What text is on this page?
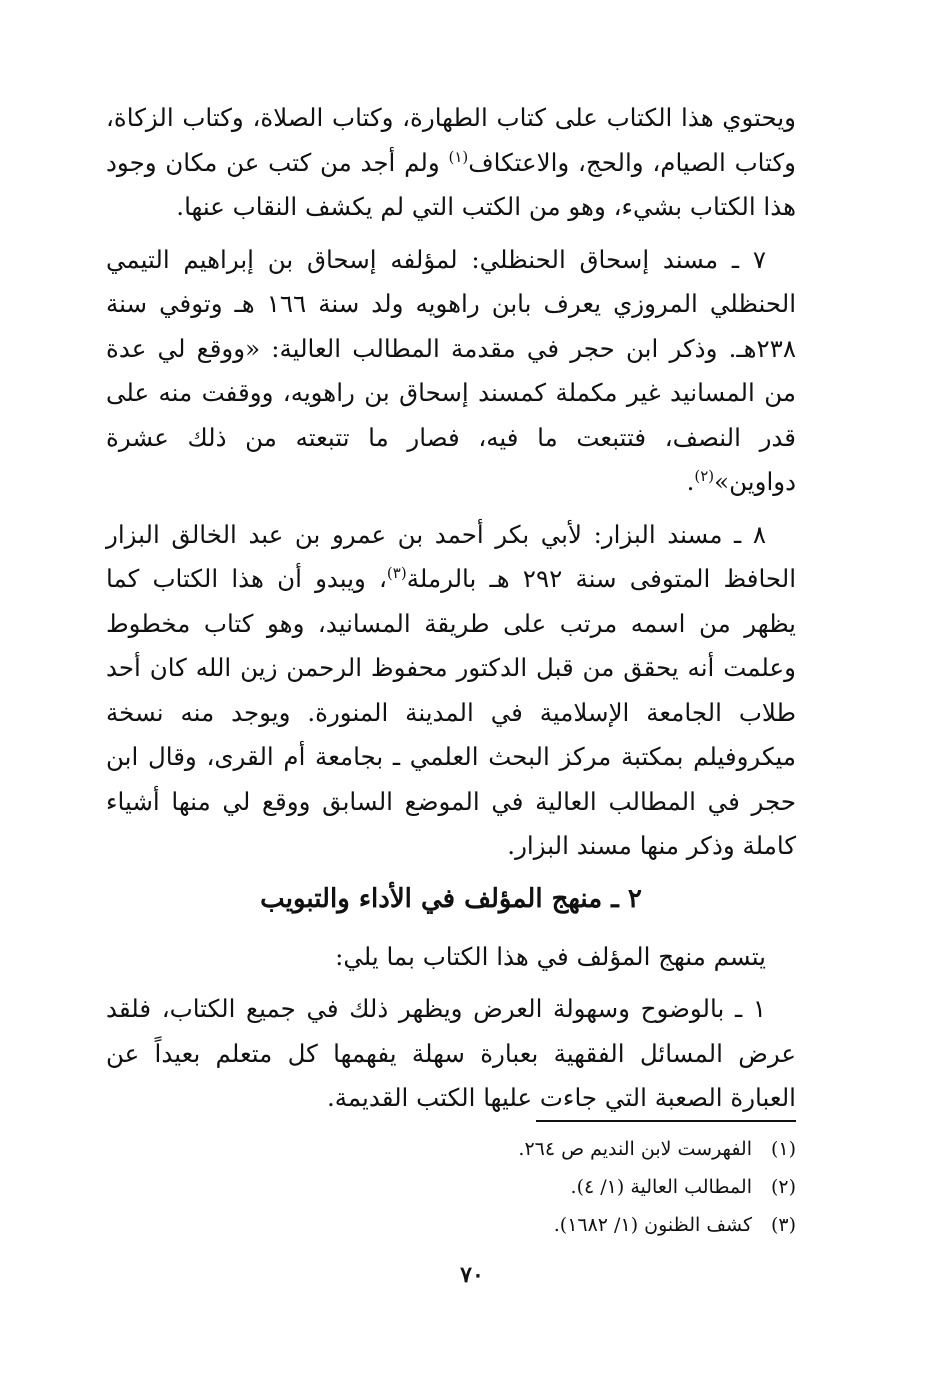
ويحتوي هذا الكتاب على كتاب الطهارة، وكتاب الصلاة، وكتاب الزكاة، وكتاب الصيام، والحج، والاعتكاف$^{(١)}$ ولم أجد من كتب عن مكان وجود هذا الكتاب بشيء، وهو من الكتب التي لم يكشف النقاب عنها.

٧ ـ مسند إسحاق الحنظلي: لمؤلفه إسحاق بن إبراهيم التيمي الحنظلي المروزي يعرف بابن راهويه ولد سنة ١٦٦ هـ وتوفي سنة ٢٣٨هـ. وذكر ابن حجر في مقدمة المطالب العالية: «ووقع لي عدة من المسانيد غير مكملة كمسند إسحاق بن راهويه، ووقفت منه على قدر النصف، فتتبعت ما فيه، فصار ما تتبعته من ذلك عشرة دواوين»$^{(٢)}$.

٨ ـ مسند البزار: لأبي بكر أحمد بن عمرو بن عبد الخالق البزار الحافظ المتوفى سنة ٢٩٢ هـ بالرملة$^{(٣)}$، ويبدو أن هذا الكتاب كما يظهر من اسمه مرتب على طريقة المسانيد، وهو كتاب مخطوط وعلمت أنه يحقق من قبل الدكتور محفوظ الرحمن زين الله كان أحد طلاب الجامعة الإسلامية في المدينة المنورة. ويوجد منه نسخة ميكروفيلم بمكتبة مركز البحث العلمي ـ بجامعة أم القرى، وقال ابن حجر في المطالب العالية في الموضع السابق ووقع لي منها أشياء كاملة وذكر منها مسند البزار.

٢ ـ منهج المؤلف في الأداء والتبويب

يتسم منهج المؤلف في هذا الكتاب بما يلي:

١ ـ بالوضوح وسهولة العرض ويظهر ذلك في جميع الكتاب، فلقد عرض المسائل الفقهية بعبارة سهلة يفهمها كل متعلم بعيداً عن العبارة الصعبة التي جاءت عليها الكتب القديمة.

(١)
الفهرست لابن النديم ص ٢٦٤.
(٢)
المطالب العالية (١/ ٤).
(٣)
كشف الظنون (١/ ١٦٨٢).
٧٠
